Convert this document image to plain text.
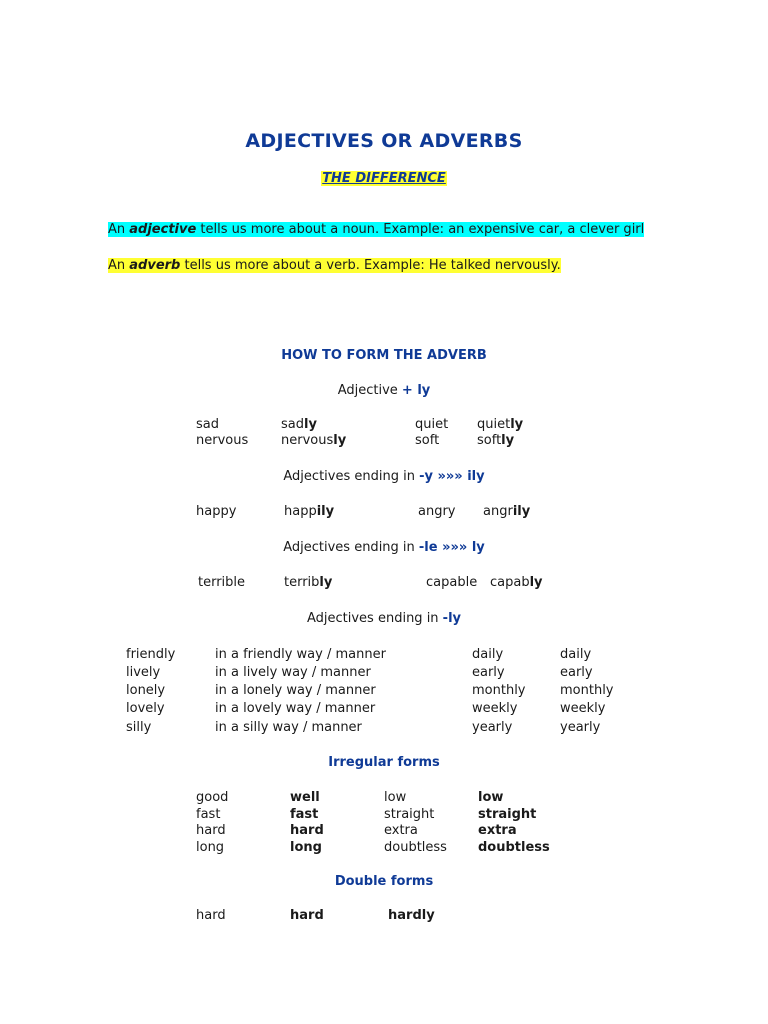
ADJECTIVES OR ADVERBS
THE DIFFERENCE
An adjective tells us more about a noun. Example: an expensive car, a clever girl
An adverb tells us more about a verb. Example: He talked nervously.
HOW TO FORM THE ADVERB
Adjective + ly
sad	sadly	quiet quietly
nervous	nervously	soft	softly
Adjectives ending in -y »»» ily
happy	happily	angry angrily
Adjectives ending in -le »»» ly
terrible	terribly	capable capably
Adjectives ending in -ly
friendly	in a friendly way / manner	daily	daily
lively	in a lively way / manner	early	early
lonely	in a lonely way / manner	monthly	monthly
lovely	in a lovely way / manner	weekly	weekly
silly	in a silly way / manner	yearly	yearly
Irregular forms
good	well	low	low
fast	fast	straight	straight
hard	hard	extra	extra
long	long	doubtless doubtless
Double forms
hard	hard	hardly
